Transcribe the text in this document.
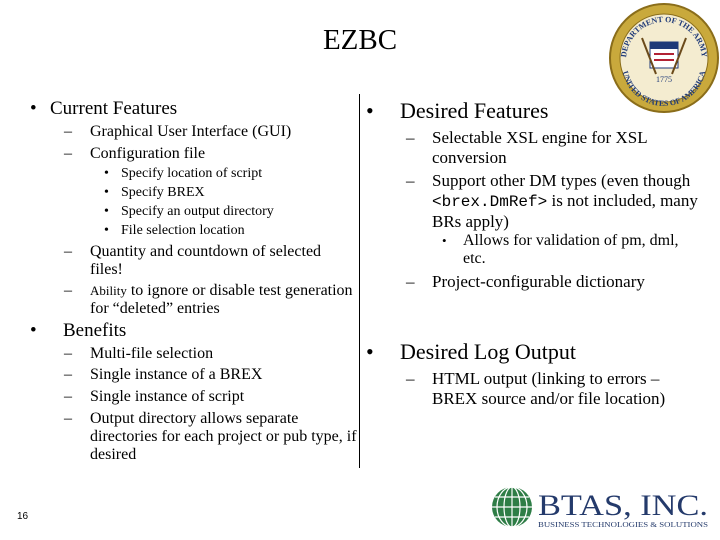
EZBC	DEPARTMENT OF THE ARMY
UNITED STATES OF AMERICA
1775
• Current Features
– Graphical User Interface (GUI)
– Configuration file
• Specify location of script
• Specify BREX
• Specify an output directory
• File selection location
– Quantity and countdown of selected files!
– Ability to ignore or disable test generation for “deleted” entries
• Benefits
– Multi-file selection
– Single instance of a BREX
– Single instance of script
– Output directory allows separate directories for each project or pub type, if desired
• Desired Features
– Selectable XSL engine for XSL conversion
– Support other DM types (even though <brex.DmRef> is not included, many BRs apply)
• Allows for validation of pm, dml, etc.
– Project-configurable dictionary
• Desired Log Output
– HTML output (linking to errors – BREX source and/or file location)
16	BTAS, INC.
BUSINESS TECHNOLOGIES & SOLUTIONS
